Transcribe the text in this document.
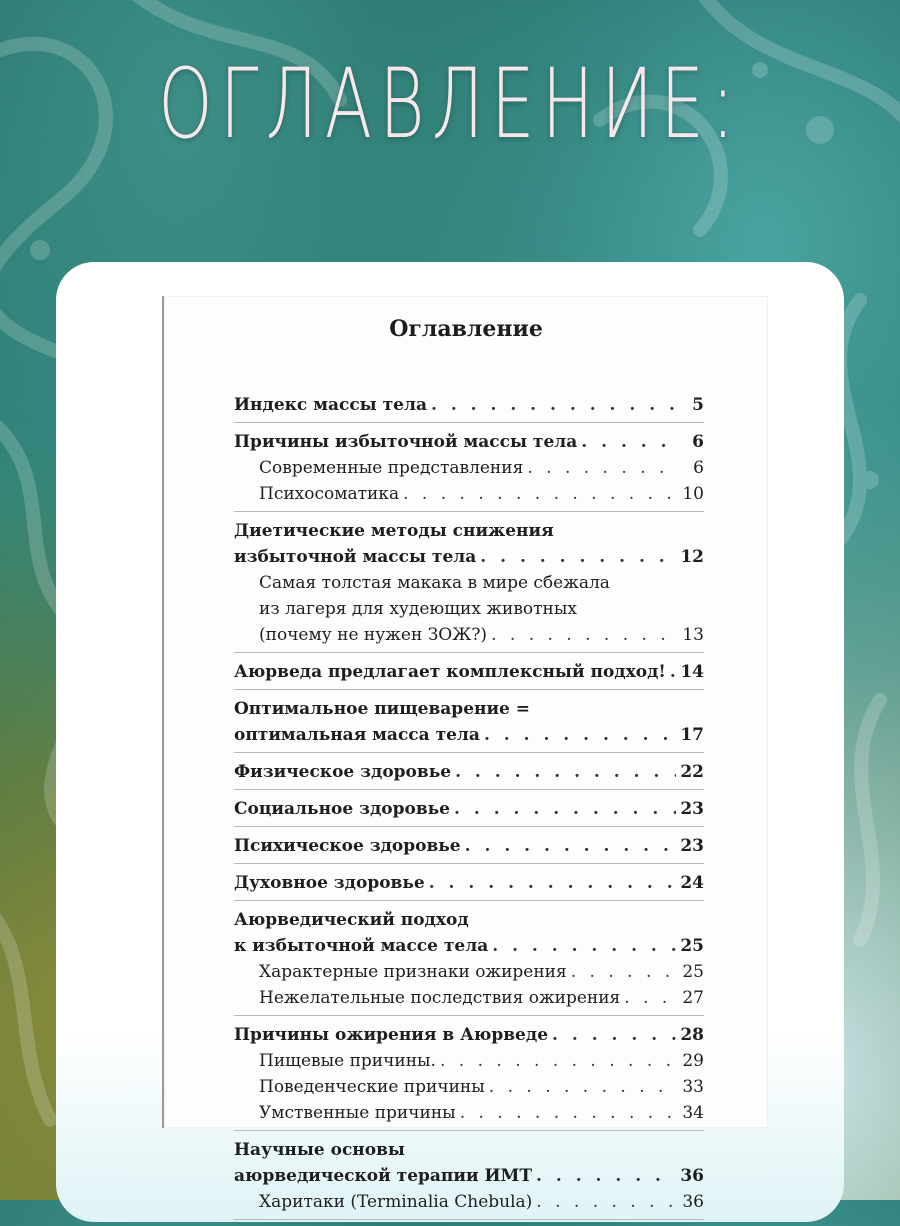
ОГЛАВЛЕНИЕ:
Оглавление
Индекс массы тела . . .	5
Причины избыточной массы тела . . .	6
Современные представления . . .	6
Психосоматика . . .	10
Диетические методы снижения
избыточной массы тела . . .	12
Самая толстая макака в мире сбежала
из лагеря для худеющих животных
(почему не нужен ЗОЖ?) . . .	13
Аюрведа предлагает комплексный подход! . . . 14
Оптимальное пищеварение =
оптимальная масса тела . . .	17
Физическое здоровье . . .	22
Социальное здоровье . . .	23
Психическое здоровье . . .	23
Духовное здоровье . . .	24
Аюрведический подход
к избыточной массе тела . . .	25
Характерные признаки ожирения . . .	25
Нежелательные последствия ожирения . . .	27
Причины ожирения в Аюрведе . . .	28
Пищевые причины. . . .	29
Поведенческие причины . . .	33
Умственные причины . . .	34
Научные основы
аюрведической терапии ИМТ . . .	36
Харитаки (Terminalia Chebula) . . .	36
